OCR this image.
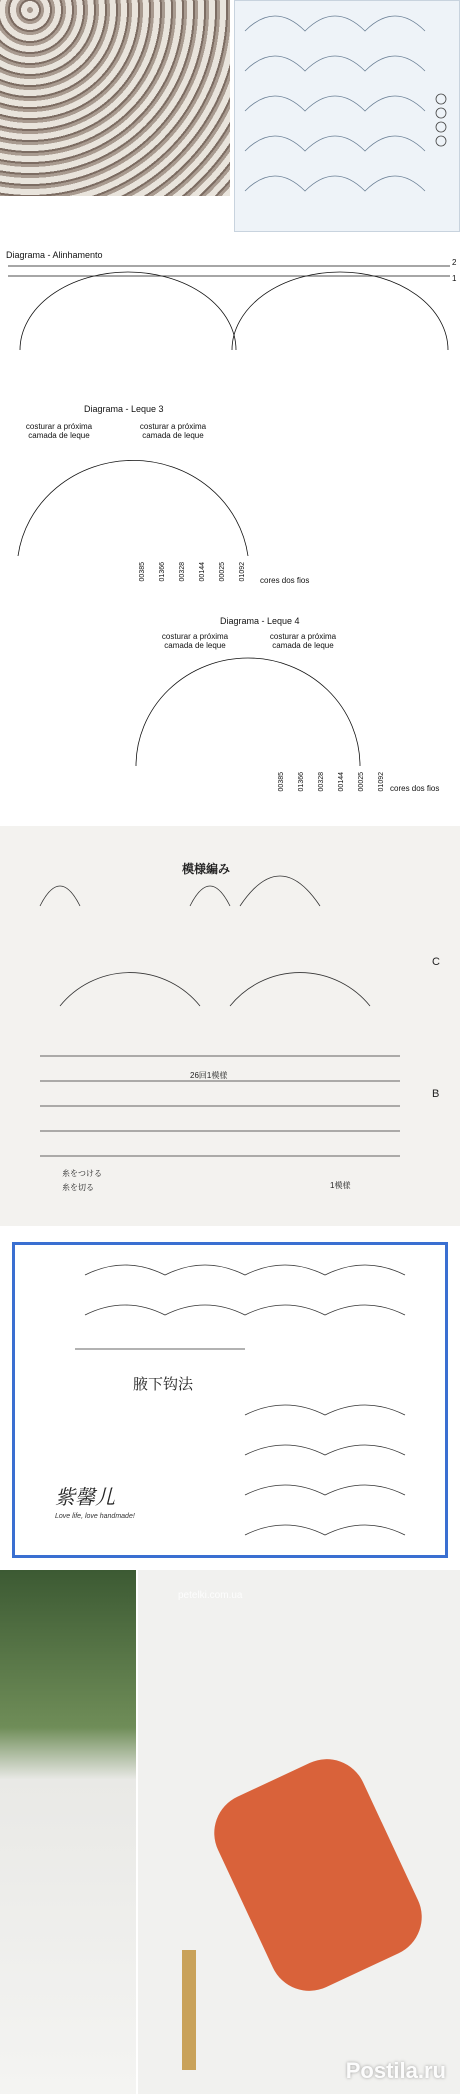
Diagrama - Alinhamento
2
1
Diagrama - Leque 3
costurar a próxima camada de leque
costurar a próxima camada de leque
00385 01366 00328 00144 00025 01092 cores dos fios
Diagrama - Leque 4
costurar a próxima camada de leque
costurar a próxima camada de leque
00385 01366 00328 00144 00025 01092 cores dos fios
模様編み
C
B
26回1模様
1模様
糸をつける
糸を切る
腋下钩法
紫馨儿
Love life, love handmade!
petelki.com.ua
Postila.ru
